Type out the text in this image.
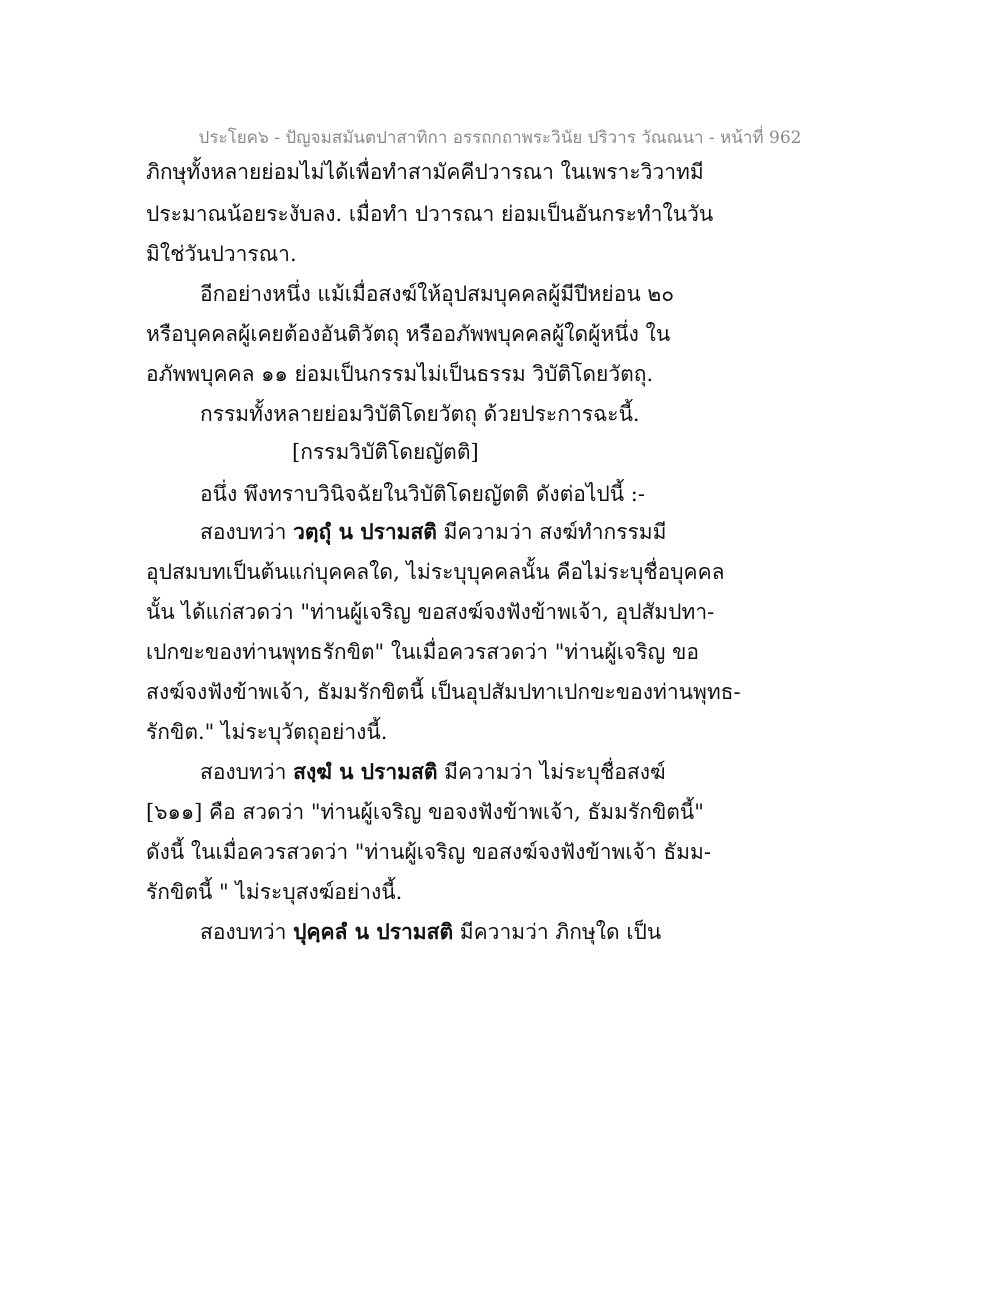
ประโยค๖ - ปัญจมสมันตปาสาทิกา อรรถกถาพระวินัย ปริวาร วัณณนา - หน้าที่ 962
ภิกษุทั้งหลายย่อมไม่ได้เพื่อทำสามัคคีปวารณา ในเพราะวิวาทมี
ประมาณน้อยระงับลง. เมื่อทำ ปวารณา ย่อมเป็นอันกระทำในวัน
มิใช่วันปวารณา.
อีกอย่างหนึ่ง แม้เมื่อสงฆ์ให้อุปสมบุคคลผู้มีปีหย่อน ๒๐
หรือบุคคลผู้เคยต้องอันติวัตถุ หรืออภัพพบุคคลผู้ใดผู้หนึ่ง ใน
อภัพพบุคคล ๑๑ ย่อมเป็นกรรมไม่เป็นธรรม วิบัติโดยวัตถุ.
กรรมทั้งหลายย่อมวิบัติโดยวัตถุ ด้วยประการฉะนี้.
[กรรมวิบัติโดยญัตติ]
อนึ่ง พึงทราบวินิจฉัยในวิบัติโดยญัตติ ดังต่อไปนี้ :-
สองบทว่า วตฺถุํ น ปรามสติ มีความว่า สงฆ์ทำกรรมมี
อุปสมบทเป็นต้นแก่บุคคลใด, ไม่ระบุบุคคลนั้น คือไม่ระบุชื่อบุคคล
นั้น ได้แก่สวดว่า "ท่านผู้เจริญ ขอสงฆ์จงฟังข้าพเจ้า, อุปสัมปทา-
เปกขะของท่านพุทธรักขิต" ในเมื่อควรสวดว่า "ท่านผู้เจริญ ขอ
สงฆ์จงฟังข้าพเจ้า, ธัมมรักขิตนี้ เป็นอุปสัมปทาเปกขะของท่านพุทธ-
รักขิต." ไม่ระบุวัตถุอย่างนี้.
สองบทว่า สงฺฆํ น ปรามสติ มีความว่า ไม่ระบุชื่อสงฆ์
[๖๑๑] คือ สวดว่า "ท่านผู้เจริญ ขอจงฟังข้าพเจ้า, ธัมมรักขิตนี้"
ดังนี้ ในเมื่อควรสวดว่า "ท่านผู้เจริญ ขอสงฆ์จงฟังข้าพเจ้า ธัมม-
รักขิตนี้ " ไม่ระบุสงฆ์อย่างนี้.
สองบทว่า ปุคฺคลํ น ปรามสติ มีความว่า ภิกษุใด เป็น
